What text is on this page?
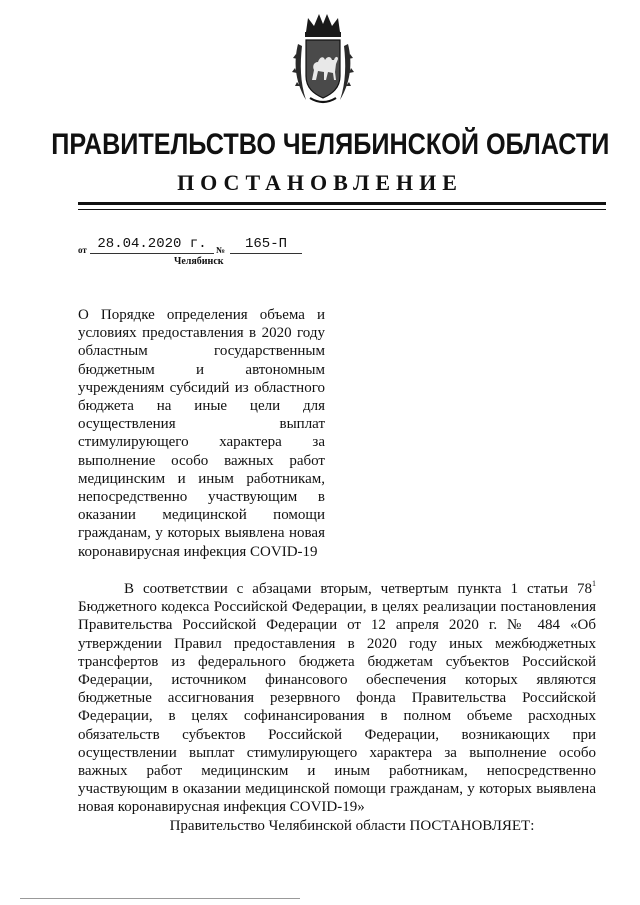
ПРАВИТЕЛЬСТВО ЧЕЛЯБИНСКОЙ ОБЛАСТИ
ПОСТАНОВЛЕНИЕ
от 28.04.2020 г.	№	165-П
Челябинск
О Порядке определения объема и условиях предоставления в 2020 году областным государственным бюджетным и автономным учреждениям субсидий из областного бюджета на иные цели для осуществления выплат стимулирующего характера за выполнение особо важных работ медицинским и иным работникам, непосредственно участвующим в оказании медицинской помощи гражданам, у которых выявлена новая коронавирусная инфекция COVID-19

В соответствии с абзацами вторым, четвертым пункта 1 статьи $78^1$ Бюджетного кодекса Российской Федерации, в целях реализации постановления Правительства Российской Федерации от 12 апреля 2020 г. № 484 «Об утверждении Правил предоставления в 2020 году иных межбюджетных трансфертов из федерального бюджета бюджетам субъектов Российской Федерации, источником финансового обеспечения которых являются бюджетные ассигнования резервного фонда Правительства Российской Федерации, в целях софинансирования в полном объеме расходных обязательств субъектов Российской Федерации, возникающих при осуществлении выплат стимулирующего характера за выполнение особо важных работ медицинским и иным работникам, непосредственно участвующим в оказании медицинской помощи гражданам, у которых выявлена новая коронавирусная инфекция COVID-19»

Правительство Челябинской области ПОСТАНОВЛЯЕТ:
